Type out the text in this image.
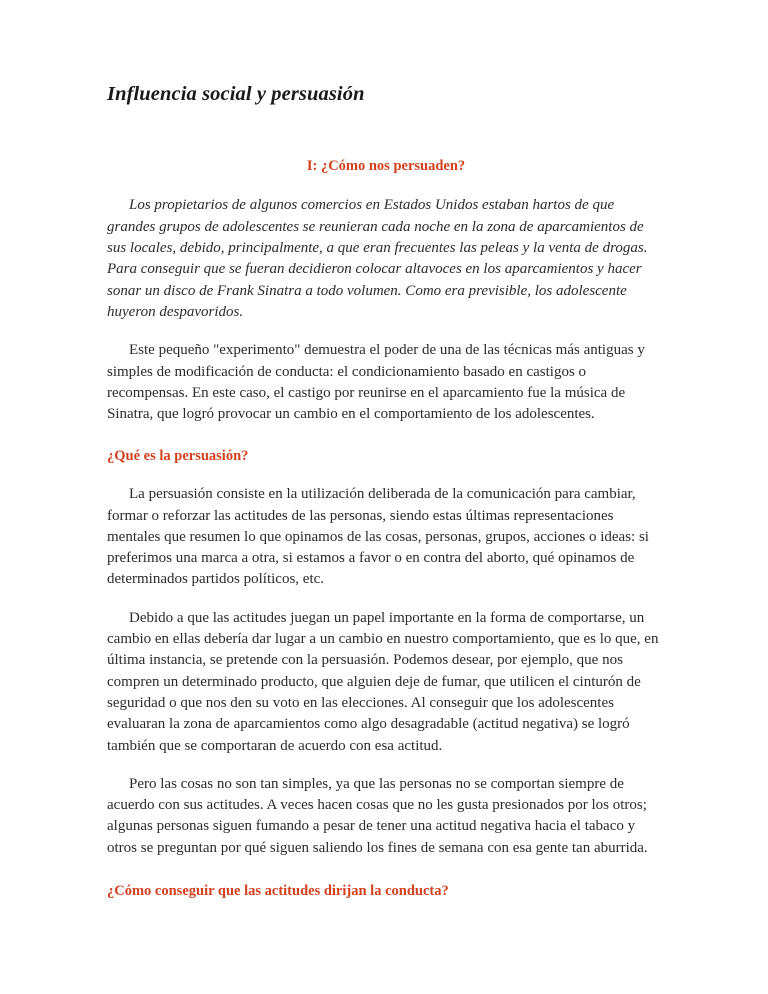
Influencia social y persuasión
I: ¿Cómo nos persuaden?

Los propietarios de algunos comercios en Estados Unidos estaban hartos de que grandes grupos de adolescentes se reunieran cada noche en la zona de aparcamientos de sus locales, debido, principalmente, a que eran frecuentes las peleas y la venta de drogas. Para conseguir que se fueran decidieron colocar altavoces en los aparcamientos y hacer sonar un disco de Frank Sinatra a todo volumen. Como era previsible, los adolescente huyeron despavoridos.

Este pequeño "experimento" demuestra el poder de una de las técnicas más antiguas y simples de modificación de conducta: el condicionamiento basado en castigos o recompensas. En este caso, el castigo por reunirse en el aparcamiento fue la música de Sinatra, que logró provocar un cambio en el comportamiento de los adolescentes.

¿Qué es la persuasión?

La persuasión consiste en la utilización deliberada de la comunicación para cambiar, formar o reforzar las actitudes de las personas, siendo estas últimas representaciones mentales que resumen lo que opinamos de las cosas, personas, grupos, acciones o ideas: si preferimos una marca a otra, si estamos a favor o en contra del aborto, qué opinamos de determinados partidos políticos, etc.

Debido a que las actitudes juegan un papel importante en la forma de comportarse, un cambio en ellas debería dar lugar a un cambio en nuestro comportamiento, que es lo que, en última instancia, se pretende con la persuasión. Podemos desear, por ejemplo, que nos compren un determinado producto, que alguien deje de fumar, que utilicen el cinturón de seguridad o que nos den su voto en las elecciones. Al conseguir que los adolescentes evaluaran la zona de aparcamientos como algo desagradable (actitud negativa) se logró también que se comportaran de acuerdo con esa actitud.

Pero las cosas no son tan simples, ya que las personas no se comportan siempre de acuerdo con sus actitudes. A veces hacen cosas que no les gusta presionados por los otros; algunas personas siguen fumando a pesar de tener una actitud negativa hacia el tabaco y otros se preguntan por qué siguen saliendo los fines de semana con esa gente tan aburrida.

¿Cómo conseguir que las actitudes dirijan la conducta?
